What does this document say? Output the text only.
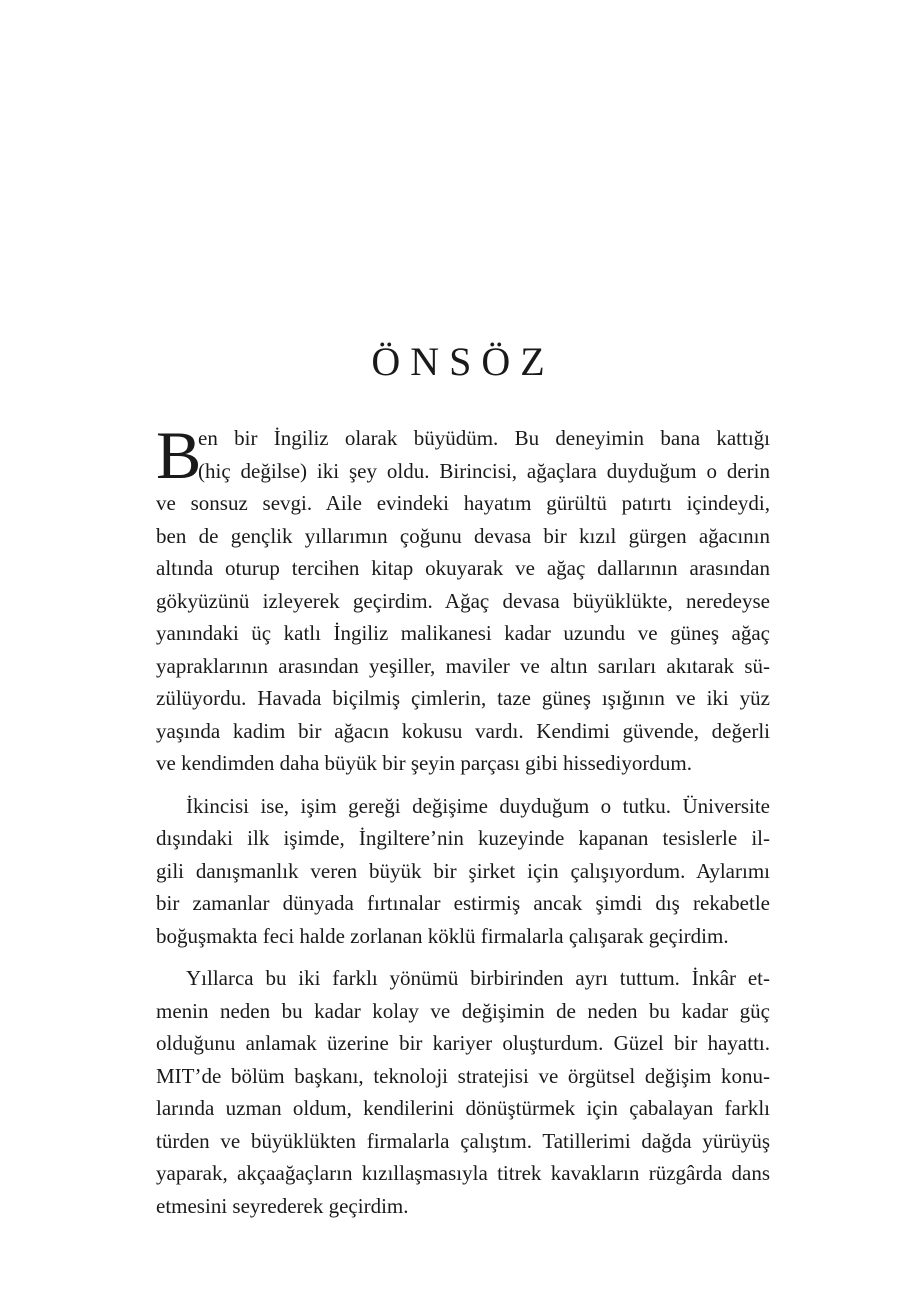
ÖNSÖZ
B
en bir İngiliz olarak büyüdüm. Bu deneyimin bana kattığı
(hiç değilse) iki şey oldu. Birincisi, ağaçlara duyduğum o derin
ve sonsuz sevgi. Aile evindeki hayatım gürültü patırtı içindeydi,
ben de gençlik yıllarımın çoğunu devasa bir kızıl gürgen ağacının
altında oturup tercihen kitap okuyarak ve ağaç dallarının arasından
gökyüzünü izleyerek geçirdim. Ağaç devasa büyüklükte, neredeyse
yanındaki üç katlı İngiliz malikanesi kadar uzundu ve güneş ağaç
yapraklarının arasından yeşiller, maviler ve altın sarıları akıtarak sü-
zülüyordu. Havada biçilmiş çimlerin, taze güneş ışığının ve iki yüz
yaşında kadim bir ağacın kokusu vardı. Kendimi güvende, değerli
ve kendimden daha büyük bir şeyin parçası gibi hissediyordum.
İkincisi ise, işim gereği değişime duyduğum o tutku. Üniversite
dışındaki ilk işimde, İngiltere’nin kuzeyinde kapanan tesislerle il-
gili danışmanlık veren büyük bir şirket için çalışıyordum. Aylarımı
bir zamanlar dünyada fırtınalar estirmiş ancak şimdi dış rekabetle
boğuşmakta feci halde zorlanan köklü firmalarla çalışarak geçirdim.
Yıllarca bu iki farklı yönümü birbirinden ayrı tuttum. İnkâr et-
menin neden bu kadar kolay ve değişimin de neden bu kadar güç
olduğunu anlamak üzerine bir kariyer oluşturdum. Güzel bir hayattı.
MIT’de bölüm başkanı, teknoloji stratejisi ve örgütsel değişim konu-
larında uzman oldum, kendilerini dönüştürmek için çabalayan farklı
türden ve büyüklükten firmalarla çalıştım. Tatillerimi dağda yürüyüş
yaparak, akçaağaçların kızıllaşmasıyla titrek kavakların rüzgârda dans
etmesini seyrederek geçirdim.
